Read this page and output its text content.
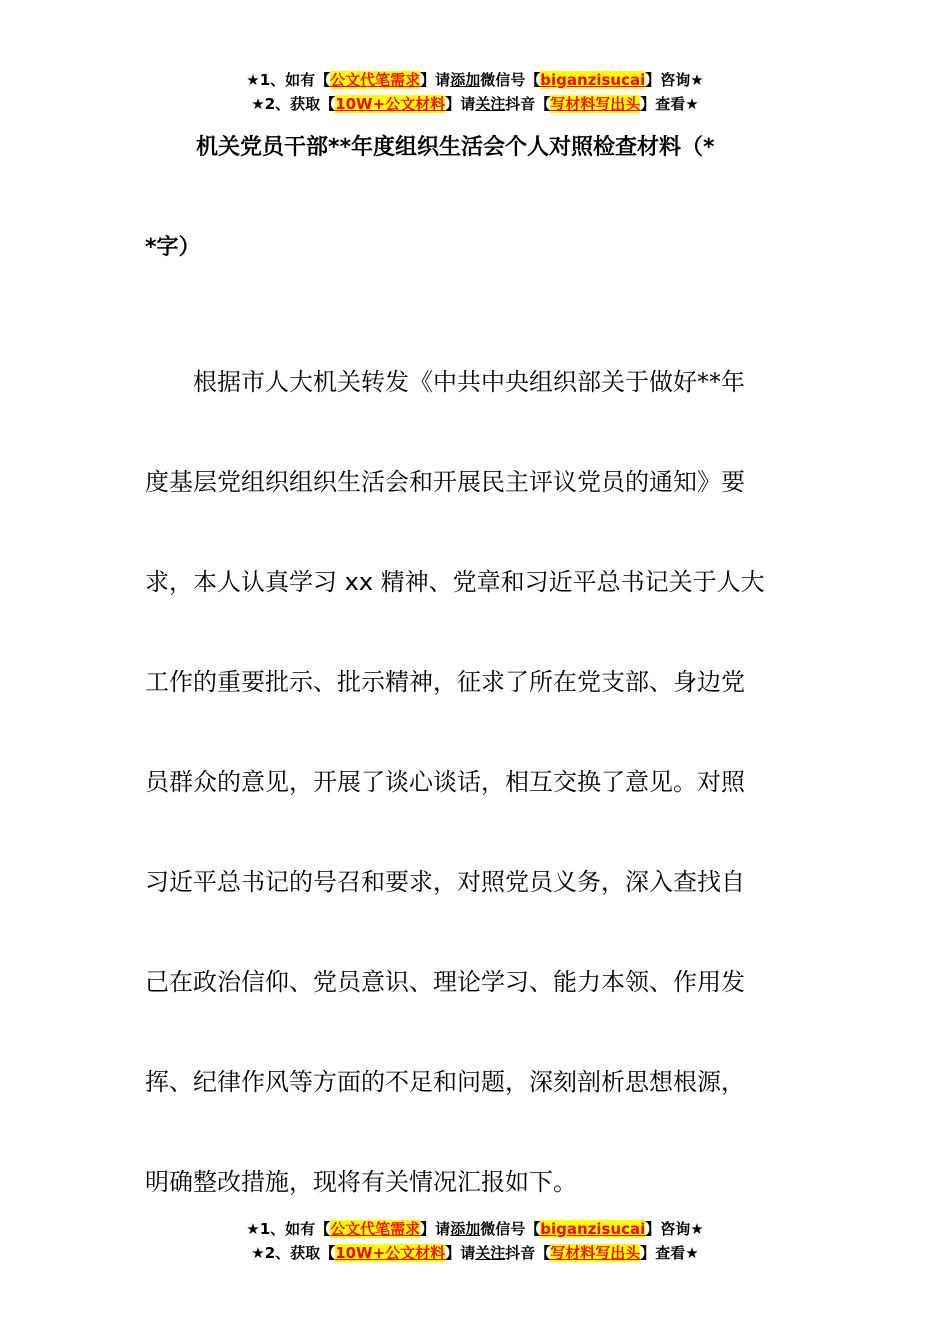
★1、如有【公文代笔需求】请添加微信号【biganzisucai】咨询★
★2、获取【10W+公文材料】请关注抖音【写材料写出头】查看★
机关党员干部**年度组织生活会个人对照检查材料（*
*字）
　　根据市人大机关转发《中共中央组织部关于做好**年
度基层党组织组织生活会和开展民主评议党员的通知》要
求，本人认真学习 xx 精神、党章和习近平总书记关于人大
工作的重要批示、批示精神，征求了所在党支部、身边党
员群众的意见，开展了谈心谈话，相互交换了意见。对照
习近平总书记的号召和要求，对照党员义务，深入查找自
己在政治信仰、党员意识、理论学习、能力本领、作用发
挥、纪律作风等方面的不足和问题，深刻剖析思想根源，
明确整改措施，现将有关情况汇报如下。
★1、如有【公文代笔需求】请添加微信号【biganzisucai】咨询★
★2、获取【10W+公文材料】请关注抖音【写材料写出头】查看★
